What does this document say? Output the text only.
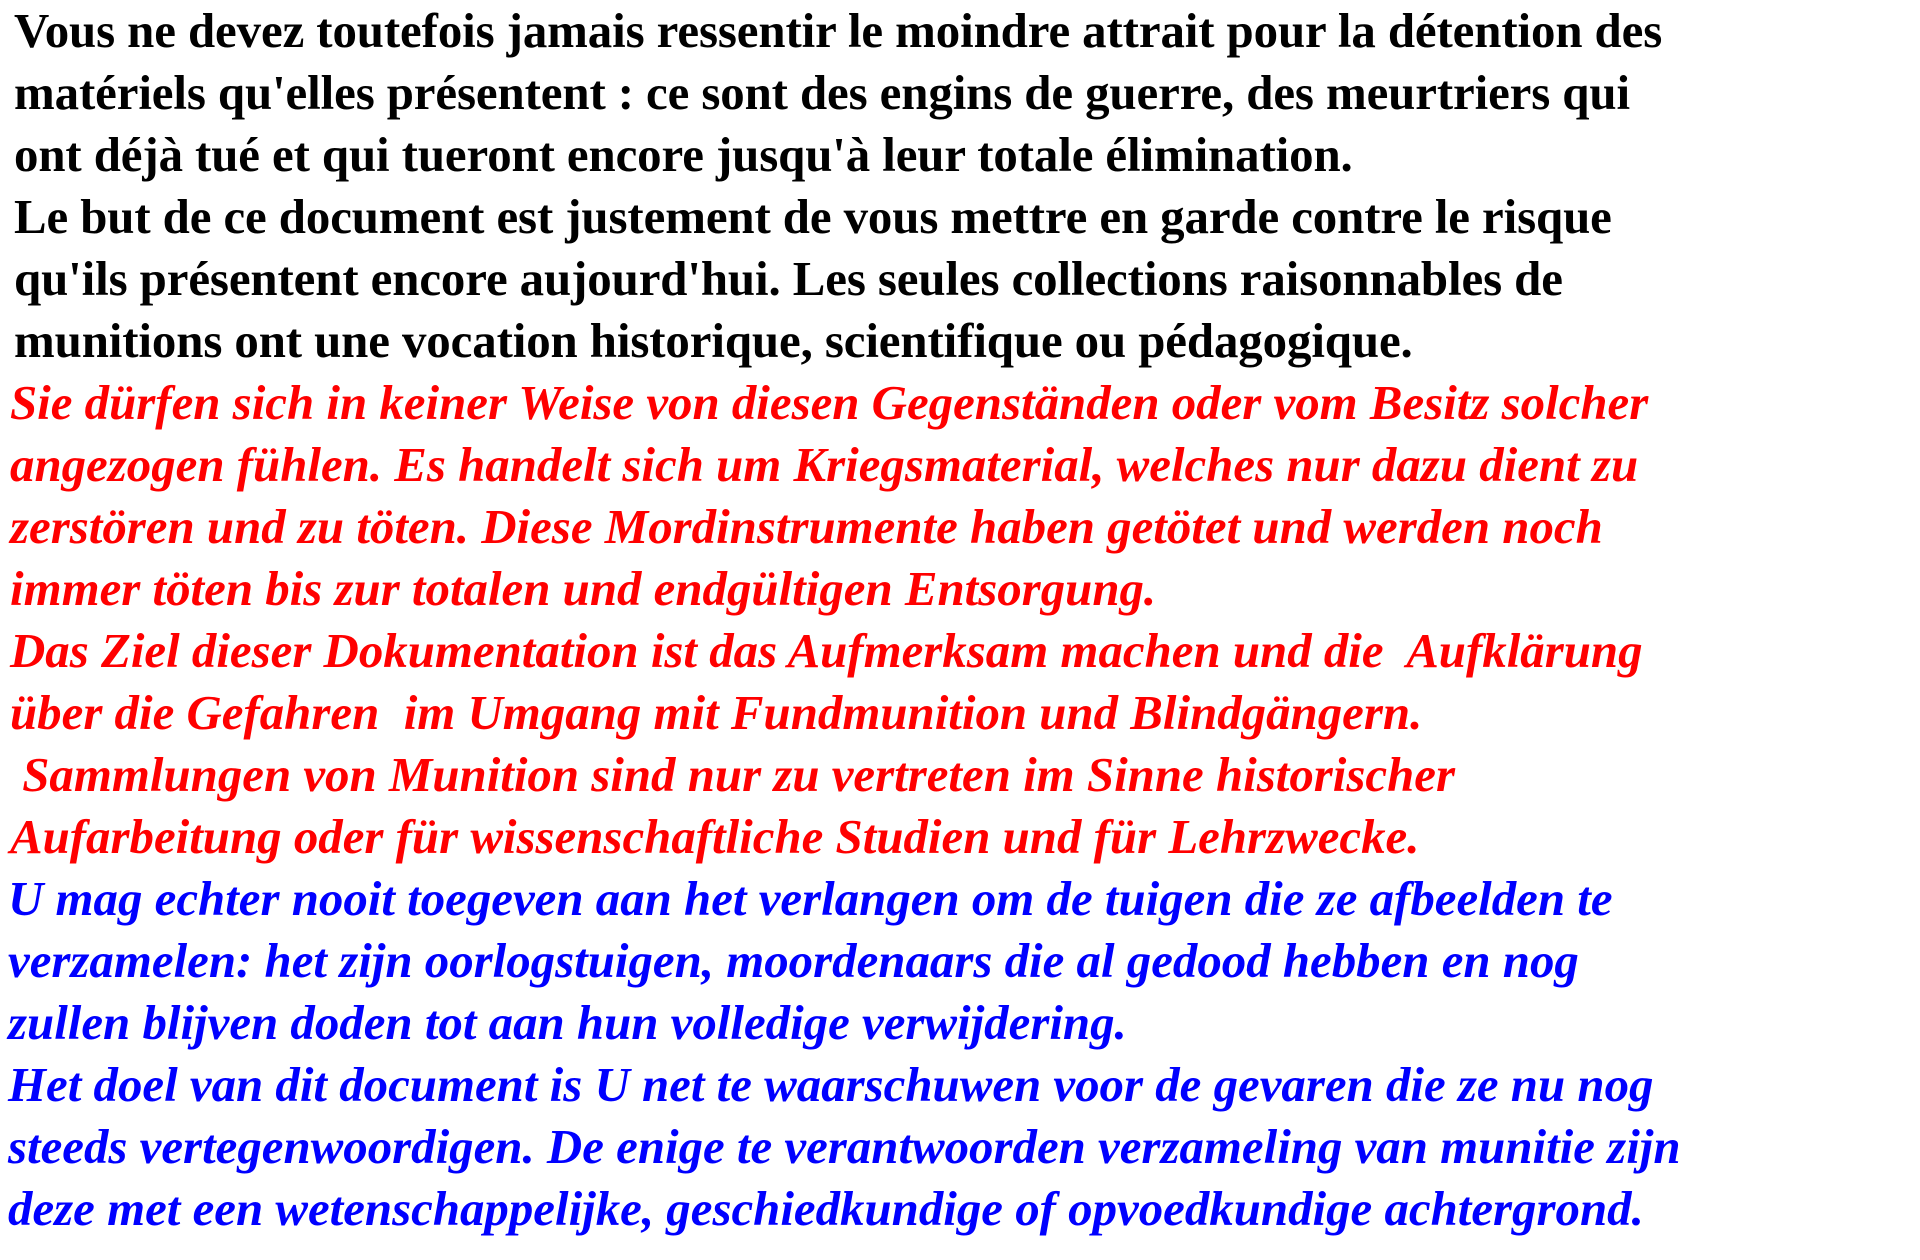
Vous ne devez toutefois jamais ressentir le moindre attrait pour la détention des
matériels qu'elles présentent : ce sont des engins de guerre, des meurtriers qui
ont déjà tué et qui tueront encore jusqu'à leur totale élimination.
Le but de ce document est justement de vous mettre en garde contre le risque
qu'ils présentent encore aujourd'hui. Les seules collections raisonnables de
munitions ont une vocation historique, scientifique ou pédagogique.
Sie dürfen sich in keiner Weise von diesen Gegenständen oder vom Besitz solcher
angezogen fühlen. Es handelt sich um Kriegsmaterial, welches nur dazu dient zu
zerstören und zu töten. Diese Mordinstrumente haben getötet und werden noch
immer töten bis zur totalen und endgültigen Entsorgung.
Das Ziel dieser Dokumentation ist das Aufmerksam machen und die  Aufklärung
über die Gefahren  im Umgang mit Fundmunition und Blindgängern.
Sammlungen von Munition sind nur zu vertreten im Sinne historischer
Aufarbeitung oder für wissenschaftliche Studien und für Lehrzwecke.
U mag echter nooit toegeven aan het verlangen om de tuigen die ze afbeelden te
verzamelen: het zijn oorlogstuigen, moordenaars die al gedood hebben en nog
zullen blijven doden tot aan hun volledige verwijdering.
Het doel van dit document is U net te waarschuwen voor de gevaren die ze nu nog
steeds vertegenwoordigen. De enige te verantwoorden verzameling van munitie zijn
deze met een wetenschappelijke, geschiedkundige of opvoedkundige achtergrond.
